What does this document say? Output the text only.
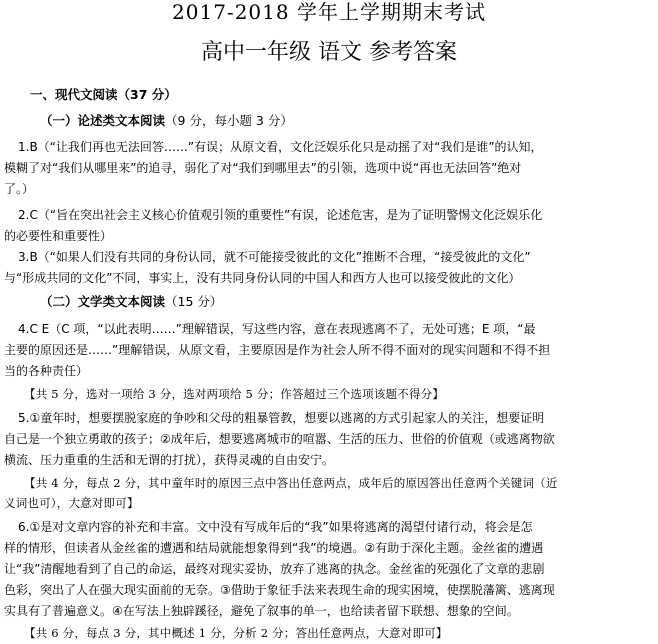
2017-2018 学年上学期期末考试
高中一年级 语文 参考答案
一、现代文阅读（37 分）
（一）论述类文本阅读（9 分，每小题 3 分）
1.B（“让我们再也无法回答……”有误；从原文看，文化泛娱乐化只是动摇了对“我们是谁”的认知，
模糊了对“我们从哪里来”的追寻，弱化了对“我们到哪里去”的引领，选项中说“再也无法回答”绝对
了。）
2.C（“旨在突出社会主义核心价值观引领的重要性”有误，论述危害，是为了证明警惕文化泛娱乐化
的必要性和重要性）
3.B（“如果人们没有共同的身份认同，就不可能接受彼此的文化”推断不合理，“接受彼此的文化”
与“形成共同的文化”不同，事实上，没有共同身份认同的中国人和西方人也可以接受彼此的文化）
（二）文学类文本阅读（15 分）
4.C E（C 项，“以此表明……”理解错误，写这些内容，意在表现逃离不了，无处可逃；E 项，“最
主要的原因还是……”理解错误，从原文看，主要原因是作为社会人所不得不面对的现实问题和不得不担
当的各种责任）
【共 5 分，选对一项给 3 分，选对两项给 5 分；作答超过三个选项该题不得分】
5.①童年时，想要摆脱家庭的争吵和父母的粗暴管教，想要以逃离的方式引起家人的关注，想要证明
自己是一个独立勇敢的孩子；②成年后，想要逃离城市的喧嚣、生活的压力、世俗的价值观（或逃离物欲
横流、压力重重的生活和无谓的打扰），获得灵魂的自由安宁。
【共 4 分，每点 2 分，其中童年时的原因三点中答出任意两点，成年后的原因答出任意两个关键词（近
义词也可），大意对即可】
6.①是对文章内容的补充和丰富。文中没有写成年后的“我”如果将逃离的渴望付诸行动，将会是怎
样的情形，但读者从金丝雀的遭遇和结局就能想象得到“我”的境遇。②有助于深化主题。金丝雀的遭遇
让“我”清醒地看到了自己的命运，最终对现实妥协，放弃了逃离的执念。金丝雀的死强化了文章的悲剧
色彩，突出了人在强大现实面前的无奈。③借助于象征手法来表现生命的现实困境，使摆脱藩篱、逃离现
实具有了普遍意义。④在写法上独辟蹊径，避免了叙事的单一，也给读者留下联想、想象的空间。
【共 6 分，每点 3 分，其中概述 1 分，分析 2 分；答出任意两点，大意对即可】
